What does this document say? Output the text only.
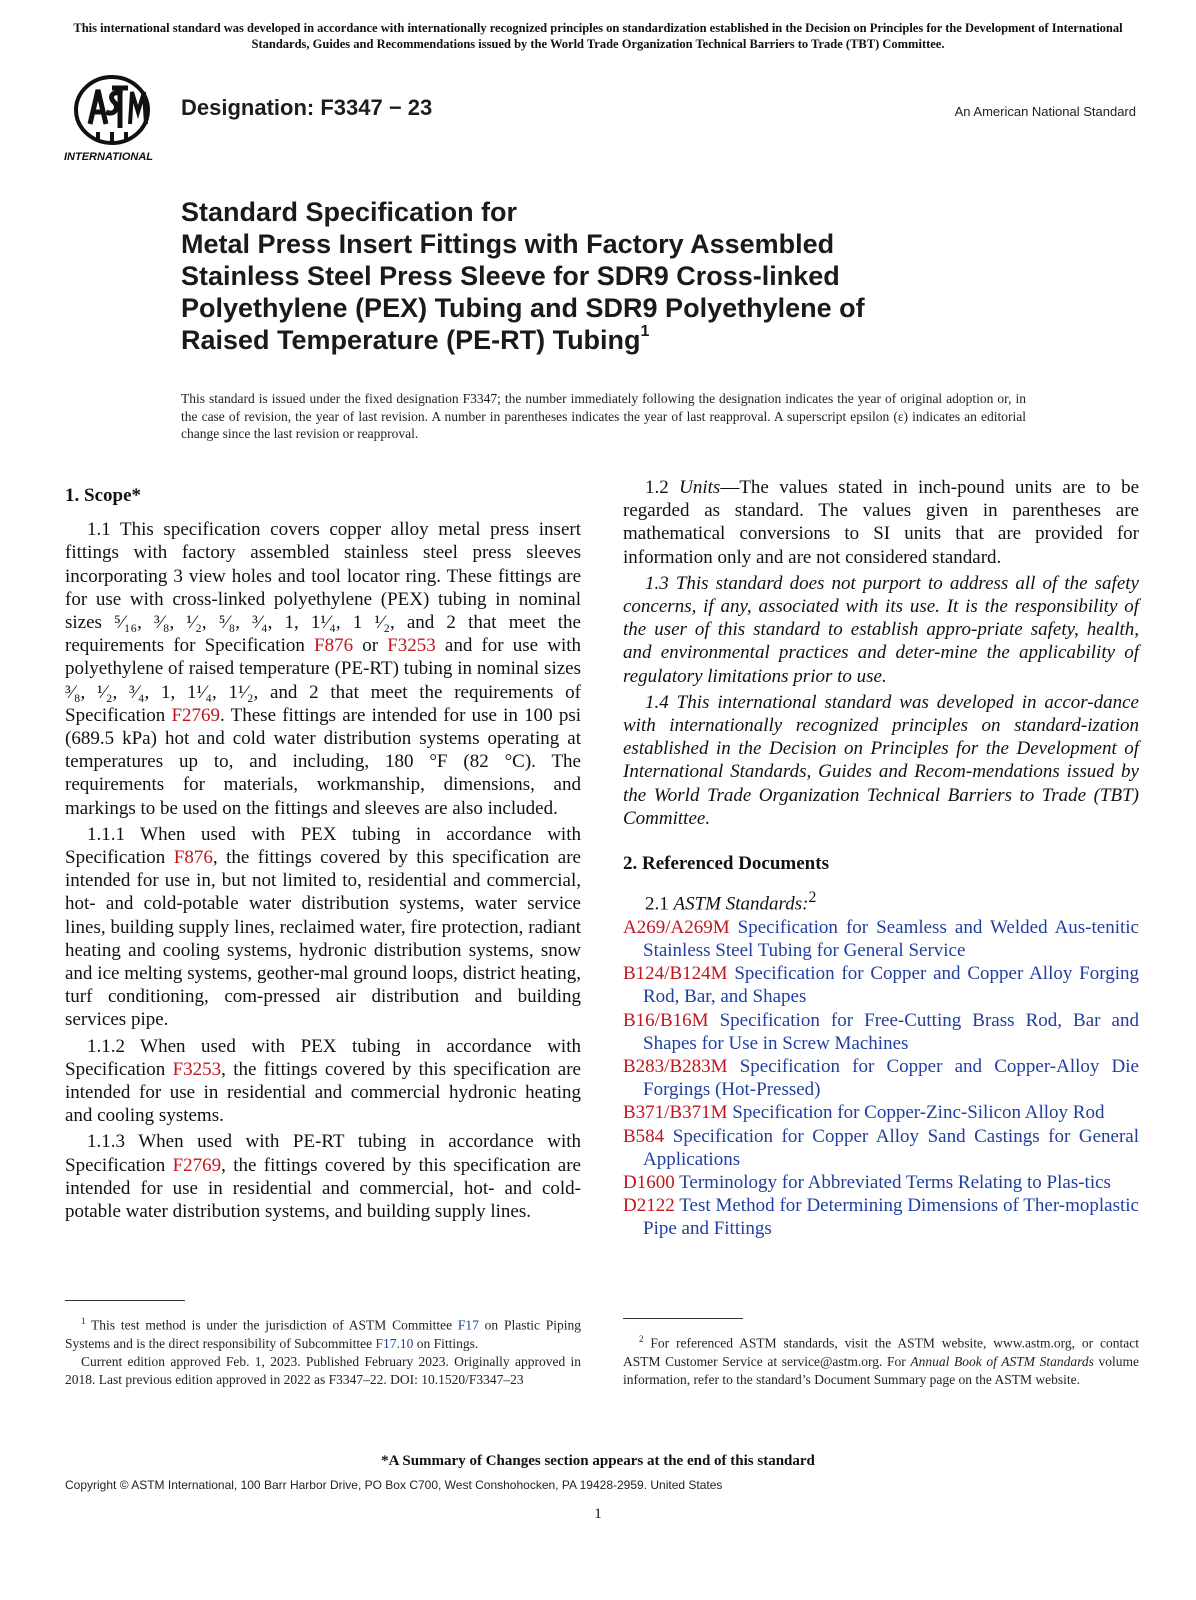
This international standard was developed in accordance with internationally recognized principles on standardization established in the Decision on Principles for the Development of International Standards, Guides and Recommendations issued by the World Trade Organization Technical Barriers to Trade (TBT) Committee.
INTERNATIONAL
Designation: F3347 − 23	An American National Standard
Standard Specification for
Metal Press Insert Fittings with Factory Assembled
Stainless Steel Press Sleeve for SDR9 Cross-linked
Polyethylene (PEX) Tubing and SDR9 Polyethylene of
Raised Temperature (PE-RT) Tubing$^1$
This standard is issued under the fixed designation F3347; the number immediately following the designation indicates the year of original adoption or, in the case of revision, the year of last revision. A number in parentheses indicates the year of last reapproval. A superscript epsilon (ε) indicates an editorial change since the last revision or reapproval.
1. Scope*

1.1 This specification covers copper alloy metal press insert fittings with factory assembled stainless steel press sleeves incorporating 3 view holes and tool locator ring. These fittings are for use with cross-linked polyethylene (PEX) tubing in nominal sizes ⁵⁄₁₆, ³⁄₈, ¹⁄₂, ⁵⁄₈, ³⁄₄, 1, 1¹⁄₄, 1 ¹⁄₂, and 2 that meet the requirements for Specification F876 or F3253 and for use with polyethylene of raised temperature (PE-RT) tubing in nominal sizes ³⁄₈, ¹⁄₂, ³⁄₄, 1, 1¹⁄₄, 1¹⁄₂, and 2 that meet the requirements of Specification F2769. These fittings are intended for use in 100 psi (689.5 kPa) hot and cold water distribution systems operating at temperatures up to, and including, 180 °F (82 °C). The requirements for materials, workmanship, dimensions, and markings to be used on the fittings and sleeves are also included.

1.1.1 When used with PEX tubing in accordance with Specification F876, the fittings covered by this specification are intended for use in, but not limited to, residential and commercial, hot- and cold-potable water distribution systems, water service lines, building supply lines, reclaimed water, fire protection, radiant heating and cooling systems, hydronic distribution systems, snow and ice melting systems, geother-mal ground loops, district heating, turf conditioning, com-pressed air distribution and building services pipe.

1.1.2 When used with PEX tubing in accordance with Specification F3253, the fittings covered by this specification are intended for use in residential and commercial hydronic heating and cooling systems.

1.1.3 When used with PE-RT tubing in accordance with Specification F2769, the fittings covered by this specification are intended for use in residential and commercial, hot- and cold-potable water distribution systems, and building supply lines.

1.2 Units—The values stated in inch-pound units are to be regarded as standard. The values given in parentheses are mathematical conversions to SI units that are provided for information only and are not considered standard.

1.3 This standard does not purport to address all of the safety concerns, if any, associated with its use. It is the responsibility of the user of this standard to establish appro-priate safety, health, and environmental practices and deter-mine the applicability of regulatory limitations prior to use.

1.4 This international standard was developed in accor-dance with internationally recognized principles on standard-ization established in the Decision on Principles for the Development of International Standards, Guides and Recom-mendations issued by the World Trade Organization Technical Barriers to Trade (TBT) Committee.

2. Referenced Documents

2.1 ASTM Standards:$^2$

A269/A269M Specification for Seamless and Welded Aus-tenitic Stainless Steel Tubing for General Service
B124/B124M Specification for Copper and Copper Alloy Forging Rod, Bar, and Shapes
B16/B16M Specification for Free-Cutting Brass Rod, Bar and Shapes for Use in Screw Machines
B283/B283M Specification for Copper and Copper-Alloy Die Forgings (Hot-Pressed)
B371/B371M Specification for Copper-Zinc-Silicon Alloy Rod
B584 Specification for Copper Alloy Sand Castings for General Applications
D1600 Terminology for Abbreviated Terms Relating to Plas-tics
D2122 Test Method for Determining Dimensions of Ther-moplastic Pipe and Fittings

$^1$ This test method is under the jurisdiction of ASTM Committee F17 on Plastic Piping Systems and is the direct responsibility of Subcommittee F17.10 on Fittings.

Current edition approved Feb. 1, 2023. Published February 2023. Originally approved in 2018. Last previous edition approved in 2022 as F3347–22. DOI: 10.1520/F3347–23

$^2$ For referenced ASTM standards, visit the ASTM website, www.astm.org, or contact ASTM Customer Service at service@astm.org. For Annual Book of ASTM Standards volume information, refer to the standard’s Document Summary page on the ASTM website.

*A Summary of Changes section appears at the end of this standard
Copyright © ASTM International, 100 Barr Harbor Drive, PO Box C700, West Conshohocken, PA 19428-2959. United States
1
